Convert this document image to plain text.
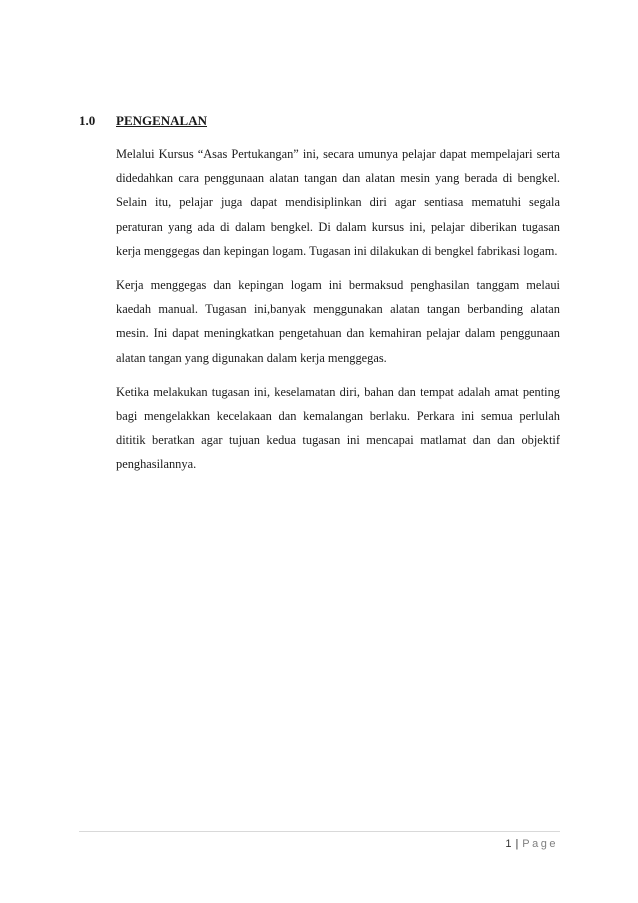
1.0 PENGENALAN

Melalui Kursus “Asas Pertukangan” ini, secara umunya pelajar dapat mempelajari serta didedahkan cara penggunaan alatan tangan dan alatan mesin yang berada di bengkel. Selain itu, pelajar juga dapat mendisiplinkan diri agar sentiasa mematuhi segala peraturan yang ada di dalam bengkel. Di dalam kursus ini, pelajar diberikan tugasan kerja menggegas dan kepingan logam. Tugasan ini dilakukan di bengkel fabrikasi logam.

Kerja menggegas dan kepingan logam ini bermaksud penghasilan tanggam melaui kaedah manual. Tugasan ini,banyak menggunakan alatan tangan berbanding alatan mesin. Ini dapat meningkatkan pengetahuan dan kemahiran pelajar dalam penggunaan alatan tangan yang digunakan dalam kerja menggegas.

Ketika melakukan tugasan ini, keselamatan diri, bahan dan tempat adalah amat penting bagi mengelakkan kecelakaan dan kemalangan berlaku. Perkara ini semua perlulah dititik beratkan agar tujuan kedua tugasan ini mencapai matlamat dan dan objektif penghasilannya.

1 | Page
